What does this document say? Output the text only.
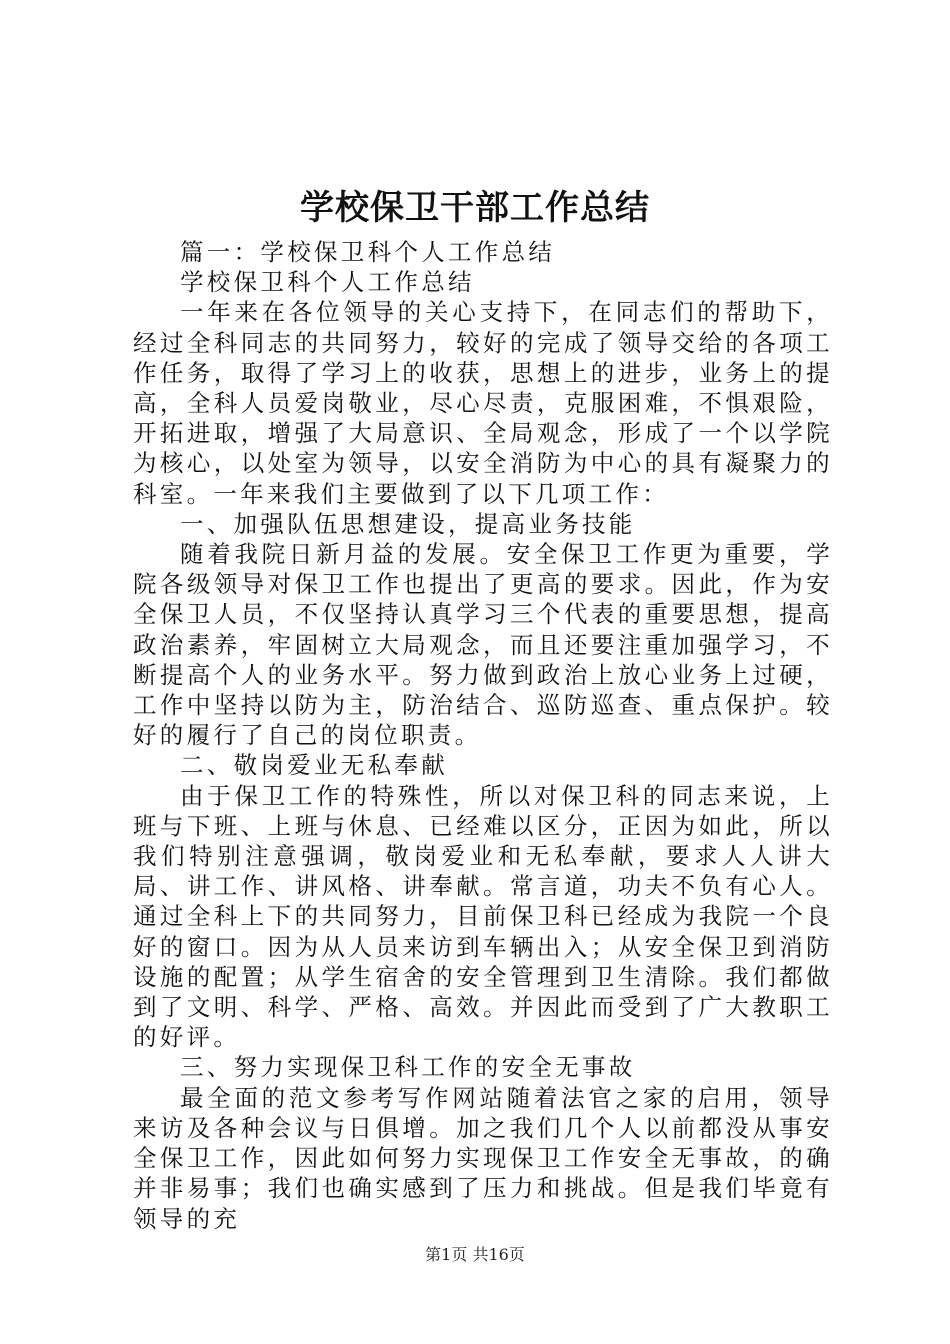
学校保卫干部工作总结

篇一：学校保卫科个人工作总结

学校保卫科个人工作总结

一年来在各位领导的关心支持下，在同志们的帮助下，经过全科同志的共同努力，较好的完成了领导交给的各项工作任务，取得了学习上的收获，思想上的进步，业务上的提高，全科人员爱岗敬业，尽心尽责，克服困难，不惧艰险，开拓进取，增强了大局意识、全局观念，形成了一个以学院为核心，以处室为领导，以安全消防为中心的具有凝聚力的科室。一年来我们主要做到了以下几项工作：

一、加强队伍思想建设，提高业务技能

随着我院日新月益的发展。安全保卫工作更为重要，学院各级领导对保卫工作也提出了更高的要求。因此，作为安全保卫人员，不仅坚持认真学习三个代表的重要思想，提高政治素养，牢固树立大局观念，而且还要注重加强学习，不断提高个人的业务水平。努力做到政治上放心业务上过硬，工作中坚持以防为主，防治结合、巡防巡查、重点保护。较好的履行了自己的岗位职责。

二、敬岗爱业无私奉献

由于保卫工作的特殊性，所以对保卫科的同志来说，上班与下班、上班与休息、已经难以区分，正因为如此，所以我们特别注意强调，敬岗爱业和无私奉献，要求人人讲大局、讲工作、讲风格、讲奉献。常言道，功夫不负有心人。通过全科上下的共同努力，目前保卫科已经成为我院一个良好的窗口。因为从人员来访到车辆出入；从安全保卫到消防设施的配置；从学生宿舍的安全管理到卫生清除。我们都做到了文明、科学、严格、高效。并因此而受到了广大教职工的好评。

三、努力实现保卫科工作的安全无事故

最全面的范文参考写作网站随着法官之家的启用，领导来访及各种会议与日俱增。加之我们几个人以前都没从事安全保卫工作，因此如何努力实现保卫工作安全无事故，的确并非易事；我们也确实感到了压力和挑战。但是我们毕竟有领导的充

第1页 共16页
